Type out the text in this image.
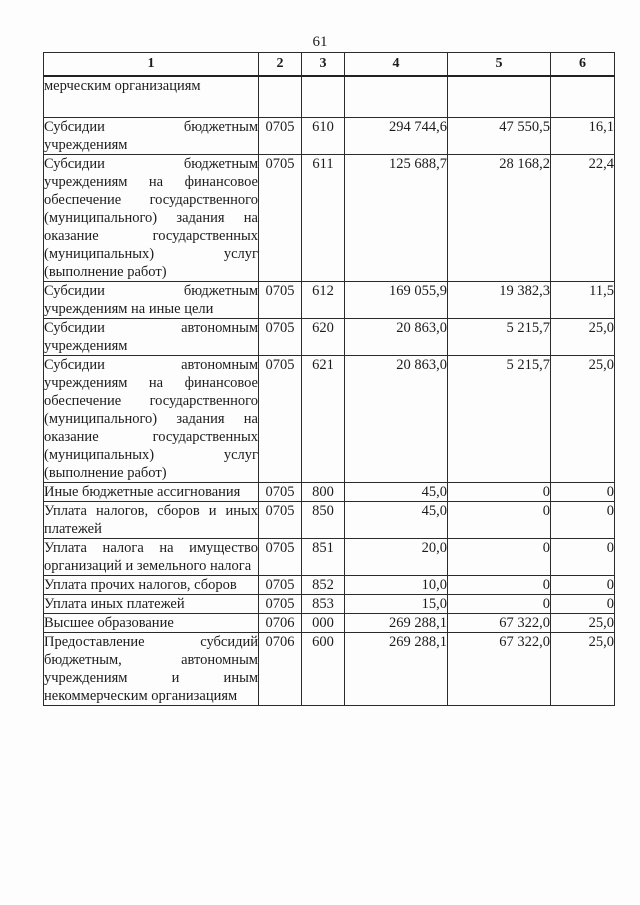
61
1	2	3	4	5	6
мерческим организациям					
Субсидии бюджетным учреждениям	0705	610	294 744,6	47 550,5	16,1
Субсидии бюджетным учреждениям на финансовое обеспечение государственного (муниципального) задания на оказание государственных (муниципальных) услуг (выполнение работ)	0705	611	125 688,7	28 168,2	22,4
Субсидии бюджетным учреждениям на иные цели	0705	612	169 055,9	19 382,3	11,5
Субсидии автономным учреждениям	0705	620	20 863,0	5 215,7	25,0
Субсидии автономным учреждениям на финансовое обеспечение государственного (муниципального) задания на оказание государственных (муниципальных) услуг (выполнение работ)	0705	621	20 863,0	5 215,7	25,0
Иные бюджетные ассигнования	0705	800	45,0	0	0
Уплата налогов, сборов и иных платежей	0705	850	45,0	0	0
Уплата налога на имущество организаций и земельного налога	0705	851	20,0	0	0
Уплата прочих налогов, сборов	0705	852	10,0	0	0
Уплата иных платежей	0705	853	15,0	0	0
Высшее образование	0706	000	269 288,1	67 322,0	25,0
Предоставление субсидий бюджетным, автономным учреждениям и иным некоммерческим организациям	0706	600	269 288,1	67 322,0	25,0
